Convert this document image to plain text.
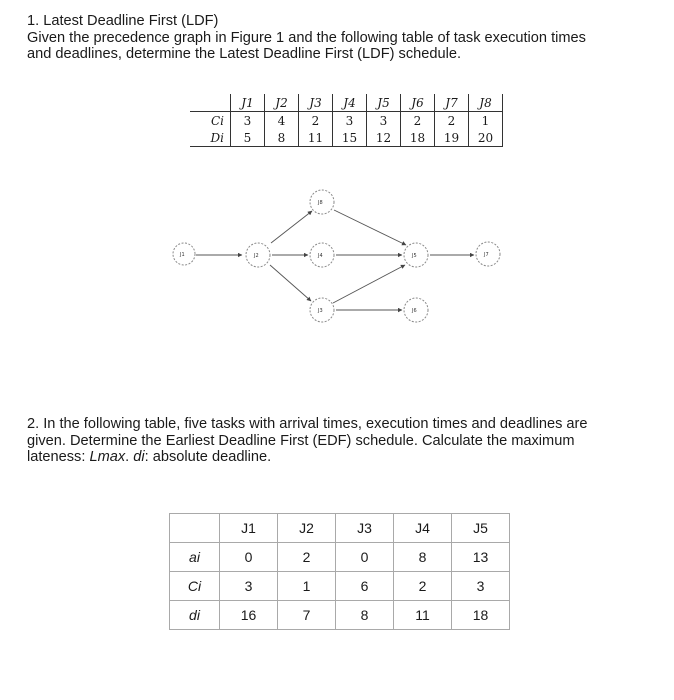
1. Latest Deadline First (LDF)
Given the precedence graph in Figure 1 and the following table of task execution times
and deadlines, determine the Latest Deadline First (LDF) schedule.
	J1	J2	J3	J4	J5	J6	J7	J8
Ci	3	4	2	3	3	2	2	1
Di	5	8	11	15	12	18	19	20
J1	J2
J8
J4
J3
J5
J6
J7
2. In the following table, five tasks with arrival times, execution times and deadlines are
given. Determine the Earliest Deadline First (EDF) schedule. Calculate the maximum
lateness: Lmax. di: absolute deadline.
	J1	J2	J3	J4	J5
ai	0	2	0	8	13
Ci	3	1	6	2	3
di	16	7	8	11	18
